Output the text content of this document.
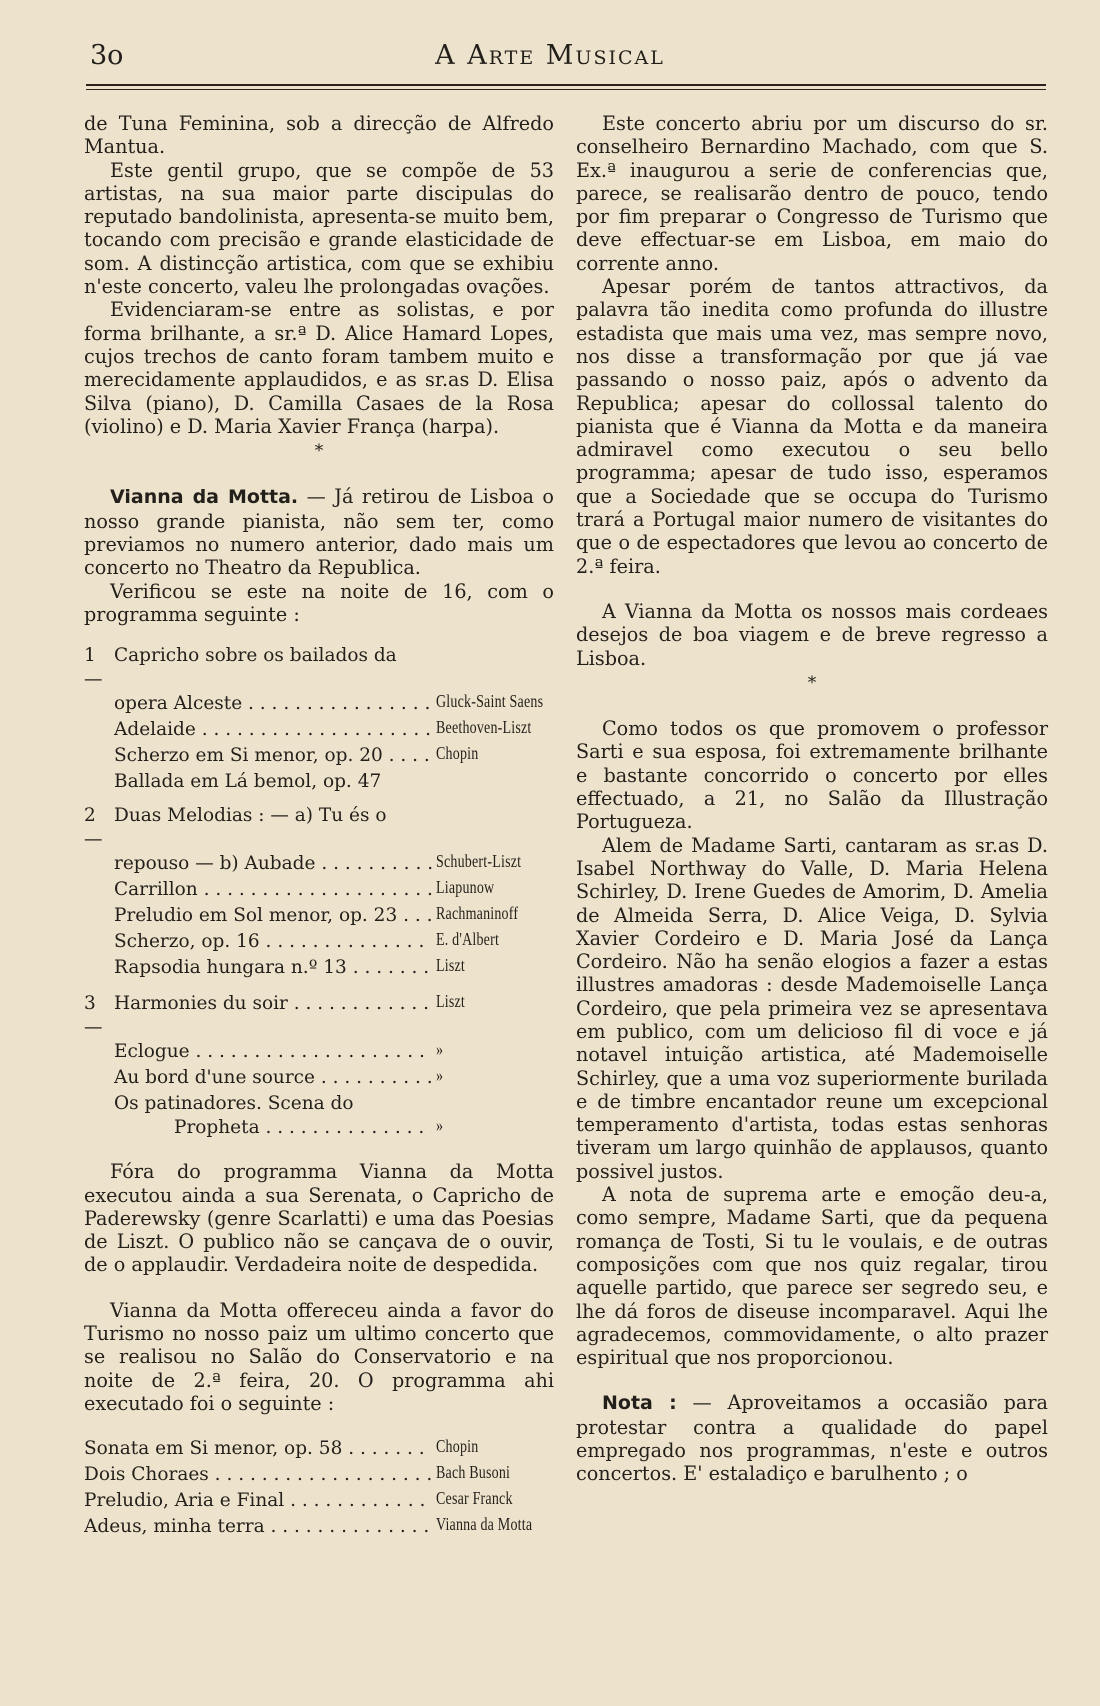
3o	A Arte Musical

de Tuna Feminina, sob a direcção de Alfredo Mantua.

Este gentil grupo, que se compõe de 53 artistas, na sua maior parte discipulas do reputado bandolinista, apresenta-se muito bem, tocando com precisão e grande elasticidade de som. A distincção artistica, com que se exhibiu n'este concerto, valeu lhe prolongadas ovações.

Evidenciaram-se entre as solistas, e por forma brilhante, a sr.ª D. Alice Hamard Lopes, cujos trechos de canto foram tambem muito e merecidamente applaudidos, e as sr.as D. Elisa Silva (piano), D. Camilla Casaes de la Rosa (violino) e D. Maria Xavier França (harpa).

*

Vianna da Motta. — Já retirou de Lisboa o nosso grande pianista, não sem ter, como previamos no numero anterior, dado mais um concerto no Theatro da Republica.

Verificou se este na noite de 16, com o programma seguinte :

1 —
Capricho sobre os bailados da
opera Alceste . . .	Gluck-Saint Saens
Adelaide . . .	Beethoven-Liszt
Scherzo em Si menor, op. 20 . . .	Chopin
Ballada em Lá bemol, op. 47
2 —
Duas Melodias : — a) Tu és o
repouso — b) Aubade . . .	Schubert-Liszt
Carrillon . . .	Liapunow
Preludio em Sol menor, op. 23 . . .	Rachmaninoff
Scherzo, op. 16 . . .	E. d'Albert
Rapsodia hungara n.º 13 . . .	Liszt
3 —
Harmonies du soir . . .	Liszt
Eclogue . . .	»
Au bord d'une source . . .	»
Os patinadores. Scena do
Propheta . . .	»

Fóra do programma Vianna da Motta executou ainda a sua Serenata, o Capricho de Paderewsky (genre Scarlatti) e uma das Poesias de Liszt. O publico não se cançava de o ouvir, de o applaudir. Verdadeira noite de despedida.

Vianna da Motta offereceu ainda a favor do Turismo no nosso paiz um ultimo concerto que se realisou no Salão do Conservatorio e na noite de 2.ª feira, 20. O programma ahi executado foi o seguinte :

Sonata em Si menor, op. 58 . . .	Chopin
Dois Choraes . . .	Bach Busoni
Preludio, Aria e Final . . .	Cesar Franck
Adeus, minha terra . . .	Vianna da Motta

Este concerto abriu por um discurso do sr. conselheiro Bernardino Machado, com que S. Ex.ª inaugurou a serie de conferencias que, parece, se realisarão dentro de pouco, tendo por fim preparar o Congresso de Turismo que deve effectuar-se em Lisboa, em maio do corrente anno.

Apesar porém de tantos attractivos, da palavra tão inedita como profunda do illustre estadista que mais uma vez, mas sempre novo, nos disse a transformação por que já vae passando o nosso paiz, após o advento da Republica; apesar do collossal talento do pianista que é Vianna da Motta e da maneira admiravel como executou o seu bello programma; apesar de tudo isso, esperamos que a Sociedade que se occupa do Turismo trará a Portugal maior numero de visitantes do que o de espectadores que levou ao concerto de 2.ª feira.

A Vianna da Motta os nossos mais cordeaes desejos de boa viagem e de breve regresso a Lisboa.

*

Como todos os que promovem o professor Sarti e sua esposa, foi extremamente brilhante e bastante concorrido o concerto por elles effectuado, a 21, no Salão da Illustração Portugueza.

Alem de Madame Sarti, cantaram as sr.as D. Isabel Northway do Valle, D. Maria Helena Schirley, D. Irene Guedes de Amorim, D. Amelia de Almeida Serra, D. Alice Veiga, D. Sylvia Xavier Cordeiro e D. Maria José da Lança Cordeiro. Não ha senão elogios a fazer a estas illustres amadoras : desde Mademoiselle Lança Cordeiro, que pela primeira vez se apresentava em publico, com um delicioso fil di voce e já notavel intuição artistica, até Mademoiselle Schirley, que a uma voz superiormente burilada e de timbre encantador reune um excepcional temperamento d'artista, todas estas senhoras tiveram um largo quinhão de applausos, quanto possivel justos.

A nota de suprema arte e emoção deu-a, como sempre, Madame Sarti, que da pequena romança de Tosti, Si tu le voulais, e de outras composições com que nos quiz regalar, tirou aquelle partido, que parece ser segredo seu, e lhe dá foros de diseuse incomparavel. Aqui lhe agradecemos, commovidamente, o alto prazer espiritual que nos proporcionou.

Nota : — Aproveitamos a occasião para protestar contra a qualidade do papel empregado nos programmas, n'este e outros concertos. E' estaladiço e barulhento ; o
